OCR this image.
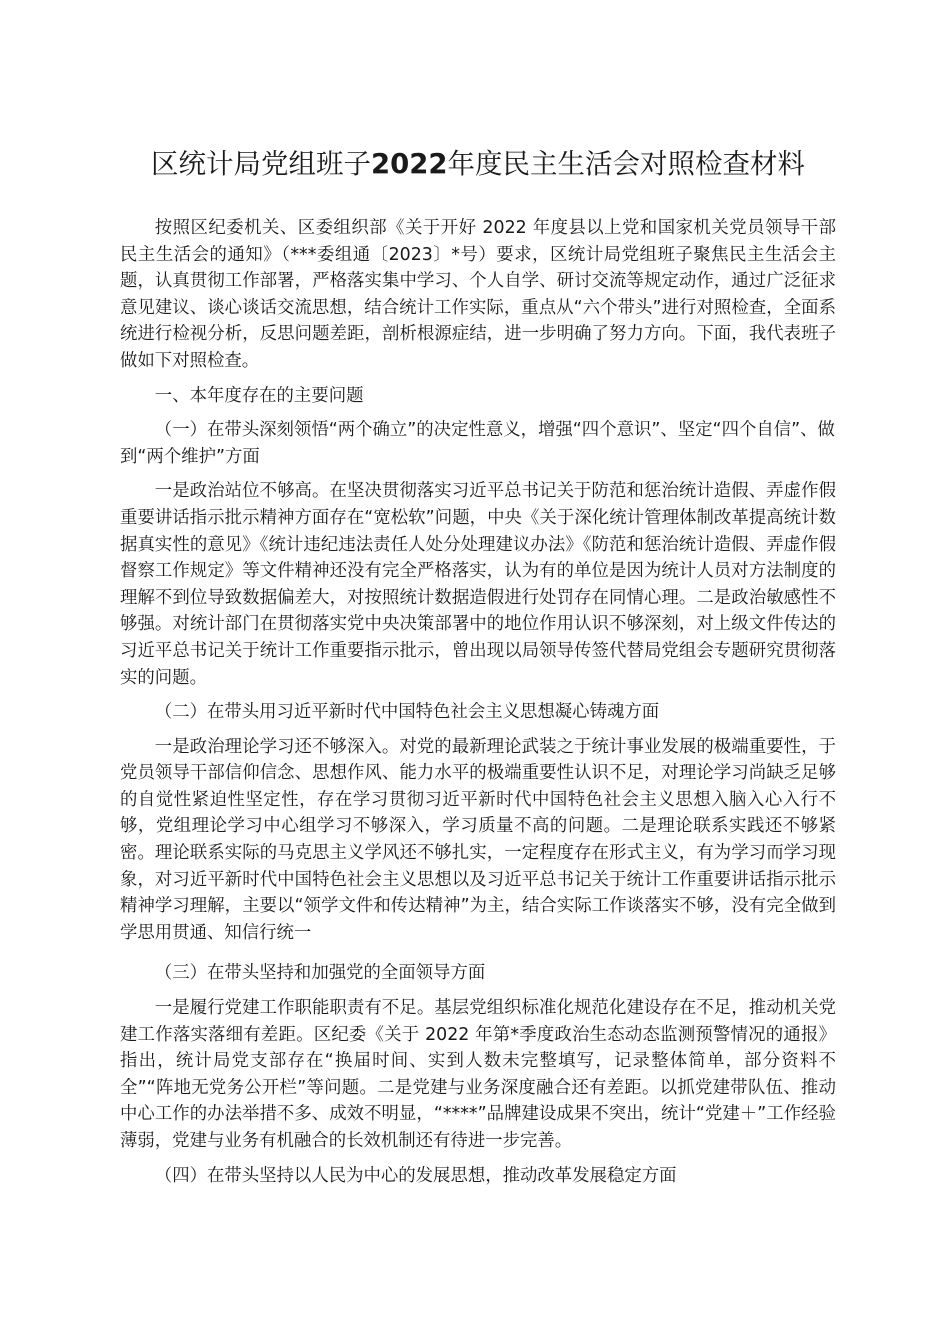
区统计局党组班子2022年度民主生活会对照检查材料

按照区纪委机关、区委组织部《关于开好 2022 年度县以上党和国家机关党员领导干部民主生活会的通知》（***委组通〔2023〕*号）要求，区统计局党组班子聚焦民主生活会主题，认真贯彻工作部署，严格落实集中学习、个人自学、研讨交流等规定动作，通过广泛征求意见建议、谈心谈话交流思想，结合统计工作实际，重点从“六个带头”进行对照检查，全面系统进行检视分析，反思问题差距，剖析根源症结，进一步明确了努力方向。下面，我代表班子做如下对照检查。

一、本年度存在的主要问题

（一）在带头深刻领悟“两个确立”的决定性意义，增强“四个意识”、坚定“四个自信”、做到“两个维护”方面

一是政治站位不够高。在坚决贯彻落实习近平总书记关于防范和惩治统计造假、弄虚作假重要讲话指示批示精神方面存在“宽松软”问题，中央《关于深化统计管理体制改革提高统计数据真实性的意见》《统计违纪违法责任人处分处理建议办法》《防范和惩治统计造假、弄虚作假督察工作规定》等文件精神还没有完全严格落实，认为有的单位是因为统计人员对方法制度的理解不到位导致数据偏差大，对按照统计数据造假进行处罚存在同情心理。二是政治敏感性不够强。对统计部门在贯彻落实党中央决策部署中的地位作用认识不够深刻，对上级文件传达的习近平总书记关于统计工作重要指示批示，曾出现以局领导传签代替局党组会专题研究贯彻落实的问题。

（二）在带头用习近平新时代中国特色社会主义思想凝心铸魂方面

一是政治理论学习还不够深入。对党的最新理论武装之于统计事业发展的极端重要性，于党员领导干部信仰信念、思想作风、能力水平的极端重要性认识不足，对理论学习尚缺乏足够的自觉性紧迫性坚定性，存在学习贯彻习近平新时代中国特色社会主义思想入脑入心入行不够，党组理论学习中心组学习不够深入，学习质量不高的问题。二是理论联系实践还不够紧密。理论联系实际的马克思主义学风还不够扎实，一定程度存在形式主义，有为学习而学习现象，对习近平新时代中国特色社会主义思想以及习近平总书记关于统计工作重要讲话指示批示精神学习理解，主要以“领学文件和传达精神”为主，结合实际工作谈落实不够，没有完全做到学思用贯通、知信行统一

（三）在带头坚持和加强党的全面领导方面

一是履行党建工作职能职责有不足。基层党组织标准化规范化建设存在不足，推动机关党建工作落实落细有差距。区纪委《关于 2022 年第*季度政治生态动态监测预警情况的通报》指出，统计局党支部存在“换届时间、实到人数未完整填写，记录整体简单，部分资料不全”“阵地无党务公开栏”等问题。二是党建与业务深度融合还有差距。以抓党建带队伍、推动中心工作的办法举措不多、成效不明显，“****”品牌建设成果不突出，统计“党建＋”工作经验薄弱，党建与业务有机融合的长效机制还有待进一步完善。

（四）在带头坚持以人民为中心的发展思想，推动改革发展稳定方面
